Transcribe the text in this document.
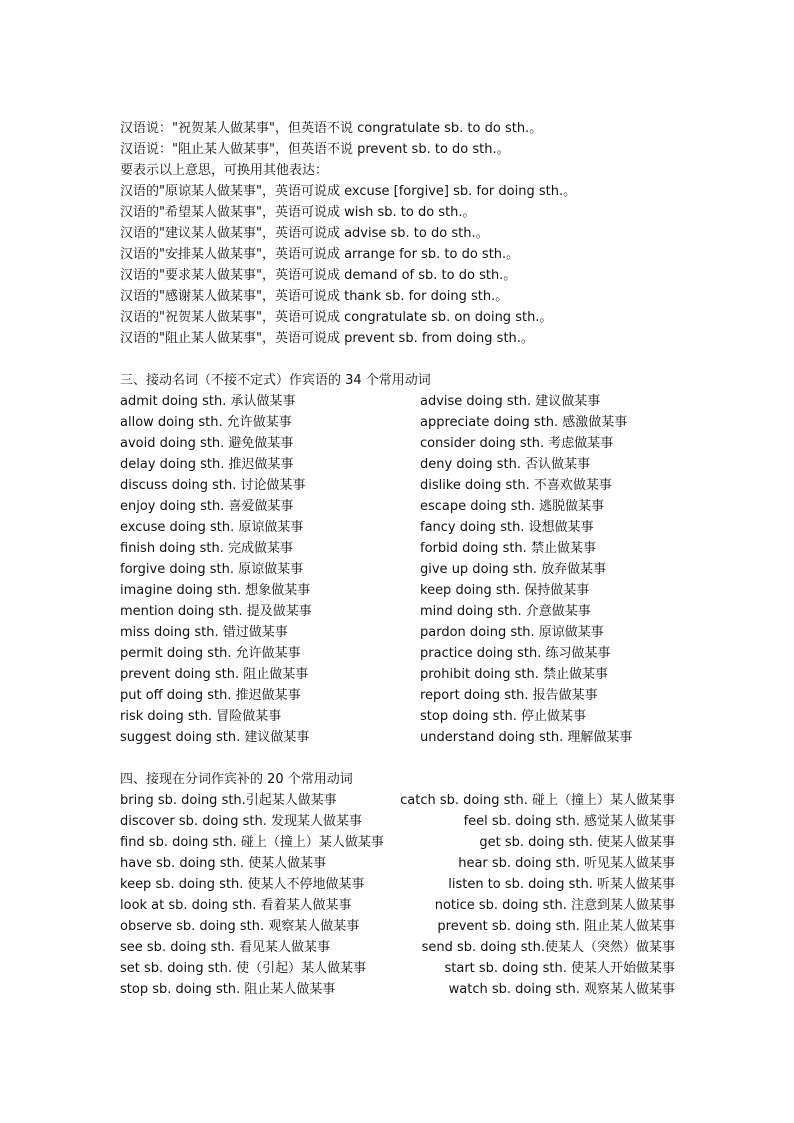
汉语说："祝贺某人做某事"，但英语不说 congratulate sb. to do sth.。
汉语说："阻止某人做某事"，但英语不说 prevent sb. to do sth.。
要表示以上意思，可换用其他表达：
汉语的"原谅某人做某事"，英语可说成 excuse [forgive] sb. for doing sth.。
汉语的"希望某人做某事"，英语可说成 wish sb. to do sth.。
汉语的"建议某人做某事"，英语可说成 advise sb. to do sth.。
汉语的"安排某人做某事"，英语可说成 arrange for sb. to do sth.。
汉语的"要求某人做某事"，英语可说成 demand of sb. to do sth.。
汉语的"感谢某人做某事"，英语可说成 thank sb. for doing sth.。
汉语的"祝贺某人做某事"，英语可说成 congratulate sb. on doing sth.。
汉语的"阻止某人做某事"，英语可说成 prevent sb. from doing sth.。
三、接动名词（不接不定式）作宾语的 34 个常用动词
admit doing sth. 承认做某事	advise doing sth. 建议做某事
allow doing sth. 允许做某事	appreciate doing sth. 感激做某事
avoid doing sth. 避免做某事	consider doing sth. 考虑做某事
delay doing sth. 推迟做某事	deny doing sth. 否认做某事
discuss doing sth. 讨论做某事	dislike doing sth. 不喜欢做某事
enjoy doing sth. 喜爱做某事	escape doing sth. 逃脱做某事
excuse doing sth. 原谅做某事	fancy doing sth. 设想做某事
finish doing sth. 完成做某事	forbid doing sth. 禁止做某事
forgive doing sth. 原谅做某事	give up doing sth. 放弃做某事
imagine doing sth. 想象做某事	keep doing sth. 保持做某事
mention doing sth. 提及做某事	mind doing sth. 介意做某事
miss doing sth. 错过做某事	pardon doing sth. 原谅做某事
permit doing sth. 允许做某事	practice doing sth. 练习做某事
prevent doing sth. 阻止做某事	prohibit doing sth. 禁止做某事
put off doing sth. 推迟做某事	report doing sth. 报告做某事
risk doing sth. 冒险做某事	stop doing sth. 停止做某事
suggest doing sth. 建议做某事	understand doing sth. 理解做某事
四、接现在分词作宾补的 20 个常用动词
bring sb. doing sth.引起某人做某事	catch sb. doing sth. 碰上（撞上）某人做某事
discover sb. doing sth. 发现某人做某事	feel sb. doing sth. 感觉某人做某事
find sb. doing sth. 碰上（撞上）某人做某事	get sb. doing sth. 使某人做某事
have sb. doing sth. 使某人做某事	hear sb. doing sth. 听见某人做某事
keep sb. doing sth. 使某人不停地做某事	listen to sb. doing sth. 听某人做某事
look at sb. doing sth. 看着某人做某事	notice sb. doing sth. 注意到某人做某事
observe sb. doing sth. 观察某人做某事	prevent sb. doing sth. 阻止某人做某事
see sb. doing sth. 看见某人做某事	send sb. doing sth.使某人（突然）做某事
set sb. doing sth. 使（引起）某人做某事	start sb. doing sth. 使某人开始做某事
stop sb. doing sth. 阻止某人做某事	watch sb. doing sth. 观察某人做某事
